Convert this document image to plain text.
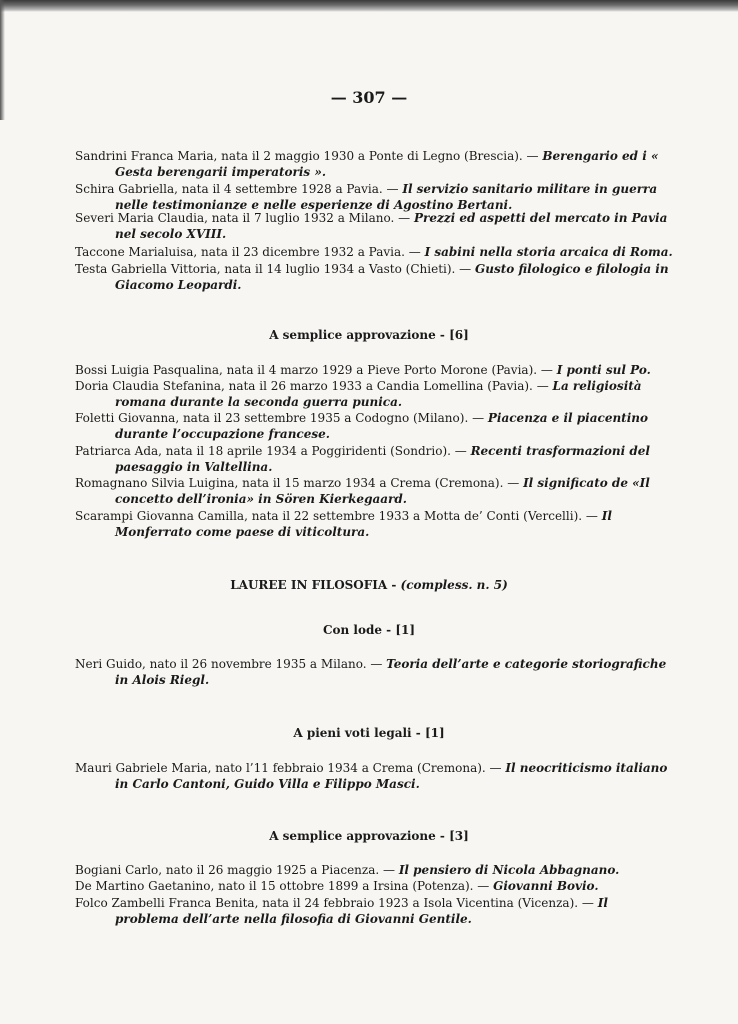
— 307 —

Sandrini Franca Maria, nata il 2 maggio 1930 a Ponte di Legno (Brescia). — Berengario ed i « Gesta berengarii imperatoris ».

Schira Gabriella, nata il 4 settembre 1928 a Pavia. — Il servizio sanitario militare in guerra nelle testimonianze e nelle esperienze di Agostino Bertani.

Severi Maria Claudia, nata il 7 luglio 1932 a Milano. — Prezzi ed aspetti del mercato in Pavia nel secolo XVIII.

Taccone Marialuisa, nata il 23 dicembre 1932 a Pavia. — I sabini nella storia arcaica di Roma.

Testa Gabriella Vittoria, nata il 14 luglio 1934 a Vasto (Chieti). — Gusto filologico e filologia in Giacomo Leopardi.

A semplice approvazione - [6]

Bossi Luigia Pasqualina, nata il 4 marzo 1929 a Pieve Porto Morone (Pavia). — I ponti sul Po.

Doria Claudia Stefanina, nata il 26 marzo 1933 a Candia Lomellina (Pavia). — La religiosità romana durante la seconda guerra punica.

Foletti Giovanna, nata il 23 settembre 1935 a Codogno (Milano). — Piacenza e il piacentino durante l’occupazione francese.

Patriarca Ada, nata il 18 aprile 1934 a Poggiridenti (Sondrio). — Recenti trasformazioni del paesaggio in Valtellina.

Romagnano Silvia Luigina, nata il 15 marzo 1934 a Crema (Cremona). — Il significato de «Il concetto dell’ironia» in Sören Kierkegaard.

Scarampi Giovanna Camilla, nata il 22 settembre 1933 a Motta de’ Conti (Vercelli). — Il Monferrato come paese di viticoltura.

LAUREE IN FILOSOFIA - (compless. n. 5)
Con lode - [1]

Neri Guido, nato il 26 novembre 1935 a Milano. — Teoria dell’arte e categorie storiografiche in Alois Riegl.

A pieni voti legali - [1]

Mauri Gabriele Maria, nato l’11 febbraio 1934 a Crema (Cremona). — Il neocriticismo italiano in Carlo Cantoni, Guido Villa e Filippo Masci.

A semplice approvazione - [3]

Bogiani Carlo, nato il 26 maggio 1925 a Piacenza. — Il pensiero di Nicola Abbagnano.

De Martino Gaetanino, nato il 15 ottobre 1899 a Irsina (Potenza). — Giovanni Bovio.

Folco Zambelli Franca Benita, nata il 24 febbraio 1923 a Isola Vicentina (Vicenza). — Il problema dell’arte nella filosofia di Giovanni Gentile.
